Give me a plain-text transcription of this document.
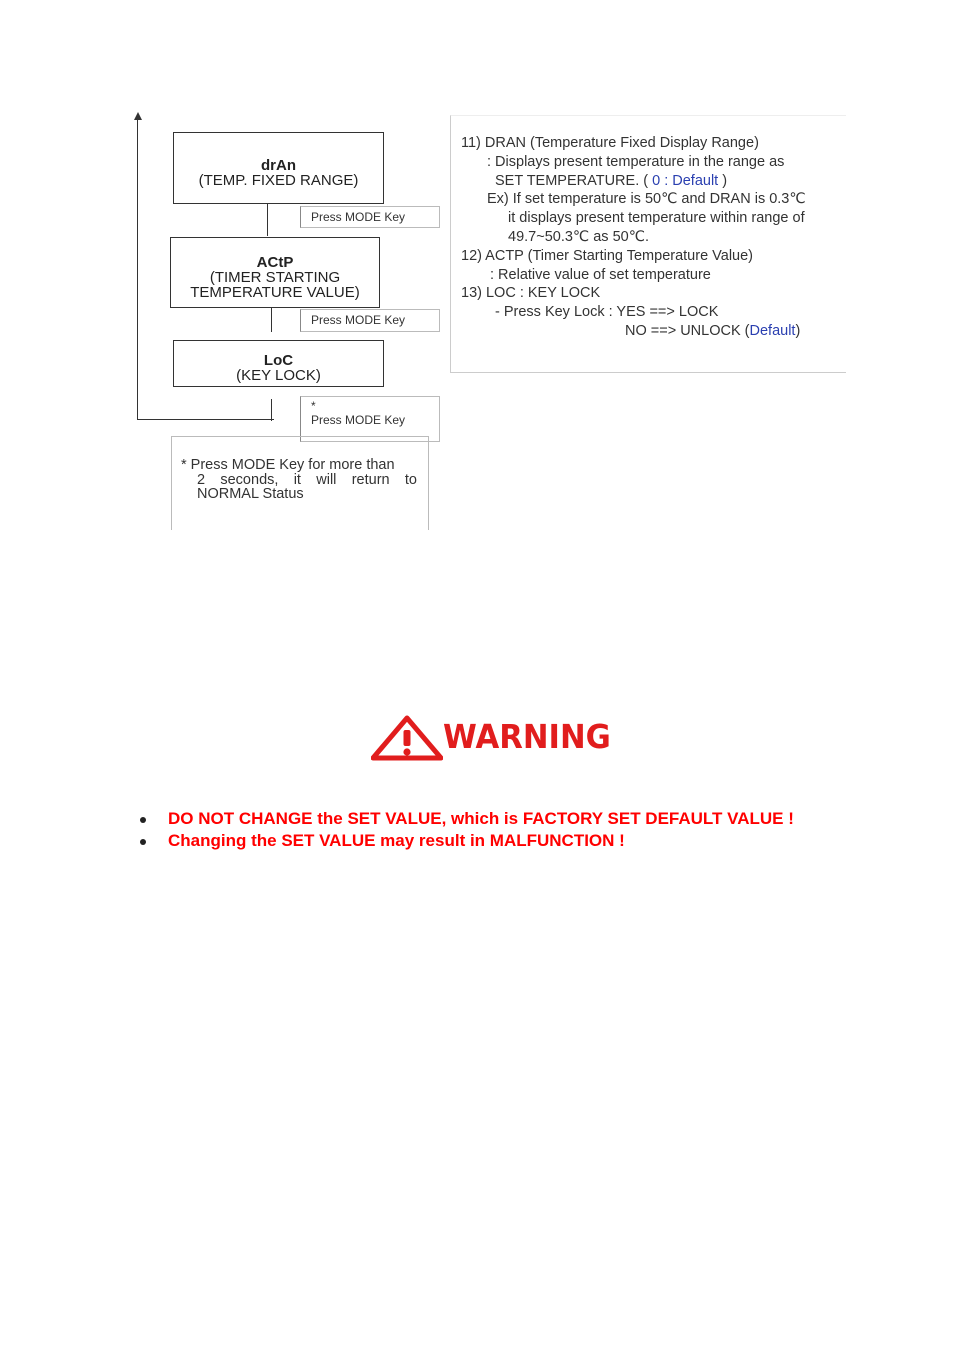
drAn
(TEMP. FIXED RANGE)
Press MODE Key
ACtP
(TIMER STARTING
TEMPERATURE VALUE)
Press MODE Key
LoC
(KEY LOCK)
*
Press MODE Key
* Press MODE Key for more than
2 seconds, it will return to
NORMAL Status
11) DRAN (Temperature Fixed Display Range)
: Displays present temperature in the range as
SET TEMPERATURE. ( 0 : Default )
Ex) If set temperature is 50℃ and DRAN is 0.3℃
it displays present temperature within range of
49.7~50.3℃ as 50℃.
12) ACTP (Timer Starting Temperature Value)
: Relative value of set temperature
13) LOC : KEY LOCK
- Press Key Lock : YES ==> LOCK
NO ==> UNLOCK (Default)
WARNING
DO NOT CHANGE the SET VALUE, which is FACTORY SET DEFAULT VALUE !
Changing the SET VALUE may result in MALFUNCTION !
